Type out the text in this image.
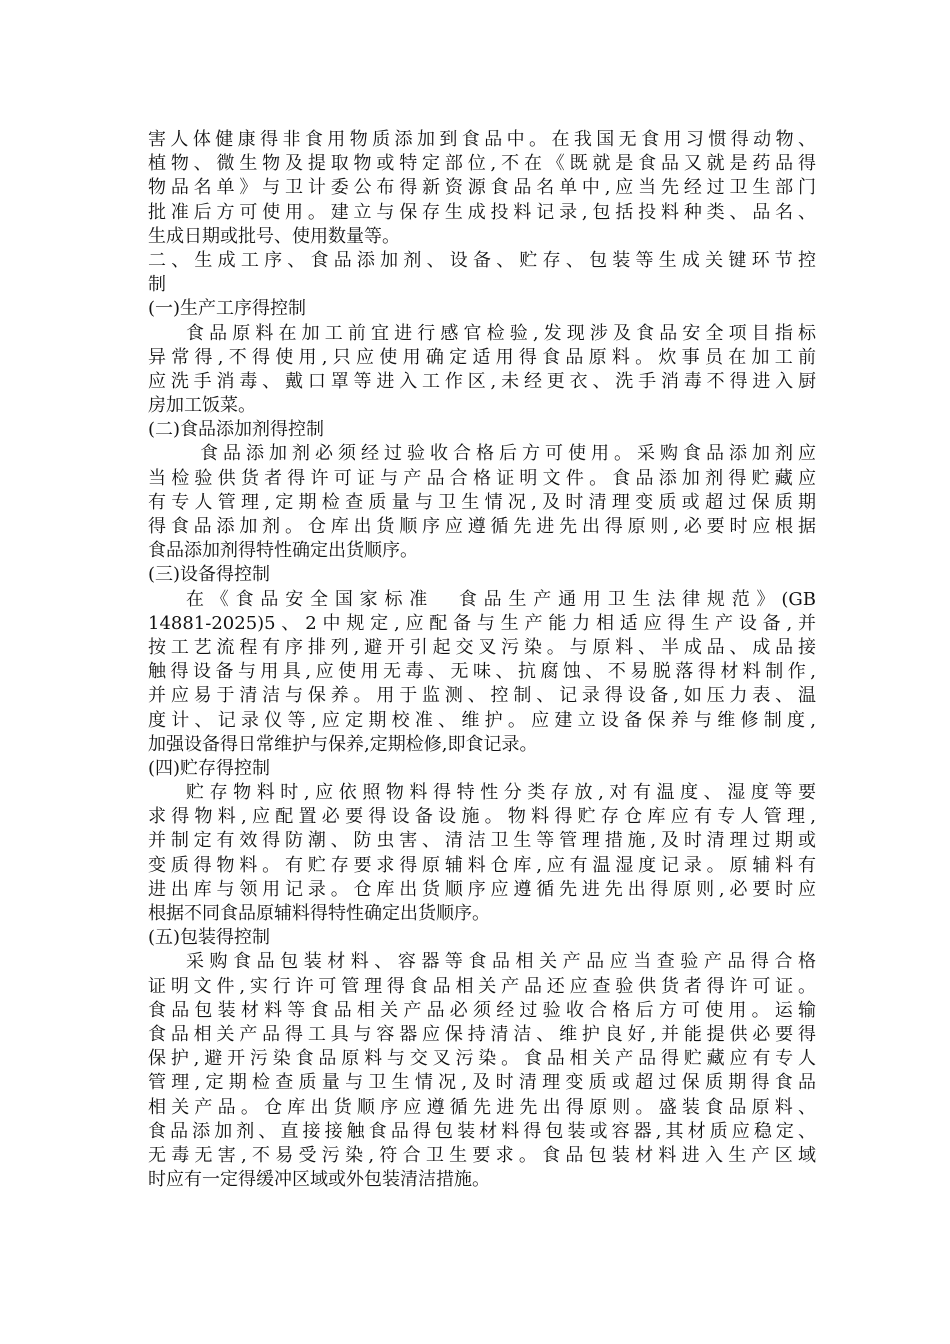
害人体健康得非食用物质添加到食品中。在我国无食用习惯得动物、
植物、微生物及提取物或特定部位,不在《既就是食品又就是药品得
物品名单》与卫计委公布得新资源食品名单中,应当先经过卫生部门
批准后方可使用。建立与保存生成投料记录,包括投料种类、品名、
生成日期或批号、使用数量等。
二、生成工序、食品添加剂、设备、贮存、包装等生成关键环节控
制
(一)生产工序得控制
食品原料在加工前宜进行感官检验,发现涉及食品安全项目指标
异常得,不得使用,只应使用确定适用得食品原料。炊事员在加工前
应洗手消毒、戴口罩等进入工作区,未经更衣、洗手消毒不得进入厨
房加工饭菜。
(二)食品添加剂得控制
食品添加剂必须经过验收合格后方可使用。采购食品添加剂应
当检验供货者得许可证与产品合格证明文件。食品添加剂得贮藏应
有专人管理,定期检查质量与卫生情况,及时清理变质或超过保质期
得食品添加剂。仓库出货顺序应遵循先进先出得原则,必要时应根据
食品添加剂得特性确定出货顺序。
(三)设备得控制
在《食品安全国家标准　食品生产通用卫生法律规范》(GB
14881-2025)5、2中规定,应配备与生产能力相适应得生产设备,并
按工艺流程有序排列,避开引起交叉污染。与原料、半成品、成品接
触得设备与用具,应使用无毒、无味、抗腐蚀、不易脱落得材料制作,
并应易于清洁与保养。用于监测、控制、记录得设备,如压力表、温
度计、记录仪等,应定期校准、维护。应建立设备保养与维修制度,
加强设备得日常维护与保养,定期检修,即食记录。
(四)贮存得控制
贮存物料时,应依照物料得特性分类存放,对有温度、湿度等要
求得物料,应配置必要得设备设施。物料得贮存仓库应有专人管理,
并制定有效得防潮、防虫害、清洁卫生等管理措施,及时清理过期或
变质得物料。有贮存要求得原辅料仓库,应有温湿度记录。原辅料有
进出库与领用记录。仓库出货顺序应遵循先进先出得原则,必要时应
根据不同食品原辅料得特性确定出货顺序。
(五)包装得控制
采购食品包装材料、容器等食品相关产品应当查验产品得合格
证明文件,实行许可管理得食品相关产品还应查验供货者得许可证。
食品包装材料等食品相关产品必须经过验收合格后方可使用。运输
食品相关产品得工具与容器应保持清洁、维护良好,并能提供必要得
保护,避开污染食品原料与交叉污染。食品相关产品得贮藏应有专人
管理,定期检查质量与卫生情况,及时清理变质或超过保质期得食品
相关产品。仓库出货顺序应遵循先进先出得原则。盛装食品原料、
食品添加剂、直接接触食品得包装材料得包装或容器,其材质应稳定、
无毒无害,不易受污染,符合卫生要求。食品包装材料进入生产区域
时应有一定得缓冲区域或外包装清洁措施。
